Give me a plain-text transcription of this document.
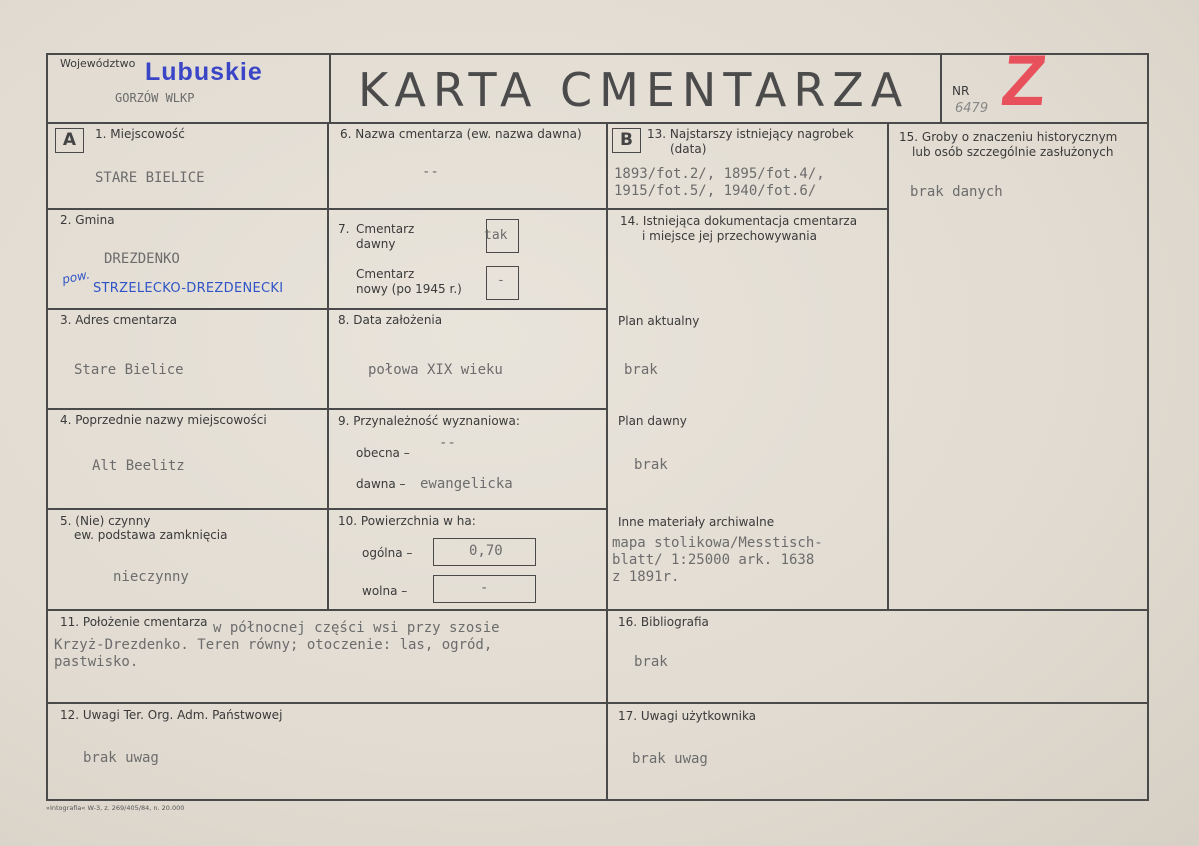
Województwo Lubuskie
GORZÓW WLKP	KARTA CMENTARZA	NR
6479 Z
A	B
1. Miejscowość
STARE BIELICE
6. Nazwa cmentarza (ew. nazwa dawna)
--
13. Najstarszy istniejący nagrobek
(data)
1893/fot.2/, 1895/fot.4/,
1915/fot.5/, 1940/fot.6/
15. Groby o znaczeniu historycznym
lub osób szczególnie zasłużonych
brak danych
2. Gmina
DREZDENKO
pow.
STRZELECKO-DREZDENECKI
7. Cmentarz
dawny
tak
Cmentarz
nowy (po 1945 r.)
-
14. Istniejąca dokumentacja cmentarza
i miejsce jej przechowywania
3. Adres cmentarza
Stare Bielice
8. Data założenia
połowa XIX wieku
Plan aktualny
brak
4. Poprzednie nazwy miejscowości
Alt Beelitz
9. Przynależność wyznaniowa:
obecna –
--
dawna – ewangelicka
Plan dawny
brak
5. (Nie) czynny
ew. podstawa zamknięcia
nieczynny
10. Powierzchnia w ha:
ogólna –	0,70
wolna –	-
Inne materiały archiwalne
mapa stolikowa/Messtisch-
blatt/ 1:25000 ark. 1638
z 1891r.
11. Położenie cmentarza w północnej części wsi przy szosie
Krzyż-Drezdenko. Teren równy; otoczenie: las, ogród,
pastwisko.
16. Bibliografia
brak
12. Uwagi Ter. Org. Adm. Państwowej
brak uwag
17. Uwagi użytkownika
brak uwag
»Intografia« W-3, z. 269/405/84, n. 20.000
